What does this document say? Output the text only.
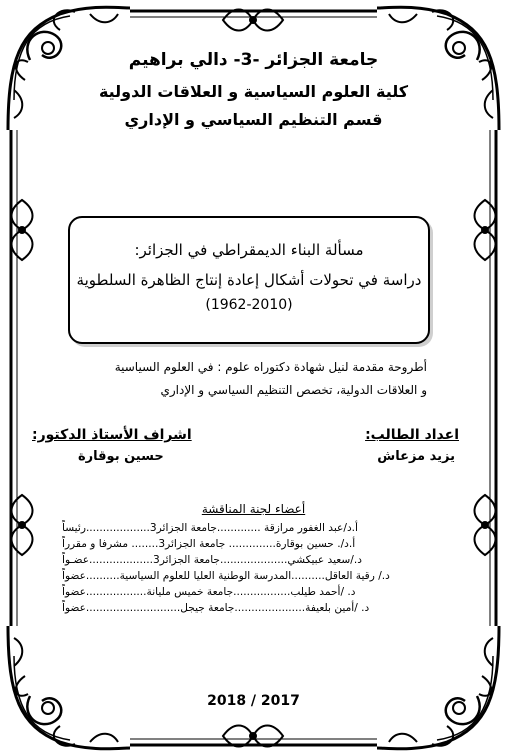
جامعة الجزائر -3- دالي براهيم
كلية العلوم السياسية و العلاقات الدولية
قسم التنظيم السياسي و الإداري
مسألة البناء الديمقراطي في الجزائر:
دراسة في تحولات أشكال إعادة إنتاج الظاهرة السلطوية
(1962-2010)
أطروحة مقدمة لنيل شهادة دكتوراه علوم : في العلوم السياسية
و العلاقات الدولية، تخصص التنظيم السياسي و الإداري
اعداد الطالب:
يزيد مزعاش
اشراف الأستاذ الدكتور:
حسين بوقارة
أعضاء لجنة المناقشة
أ.د/عبد الغفور مرازقة .............جامعة الجزائر3...................رئيساً
أ.د/. حسين بوقارة.............. جامعة الجزائر3........ مشرفا و مقرراً
د./سعيد عبيكشي....................جامعة الجزائر3...................عضـواً
د./ رقية العاقل..........المدرسة الوطنية العليا للعلوم السياسية..........عضواً
د. /أحمد طيلب.................جامعة خميس مليانة..................عضواً
د. /أمين بلعيفة.....................جامعة جيجل............................عضواً
2018 / 2017
